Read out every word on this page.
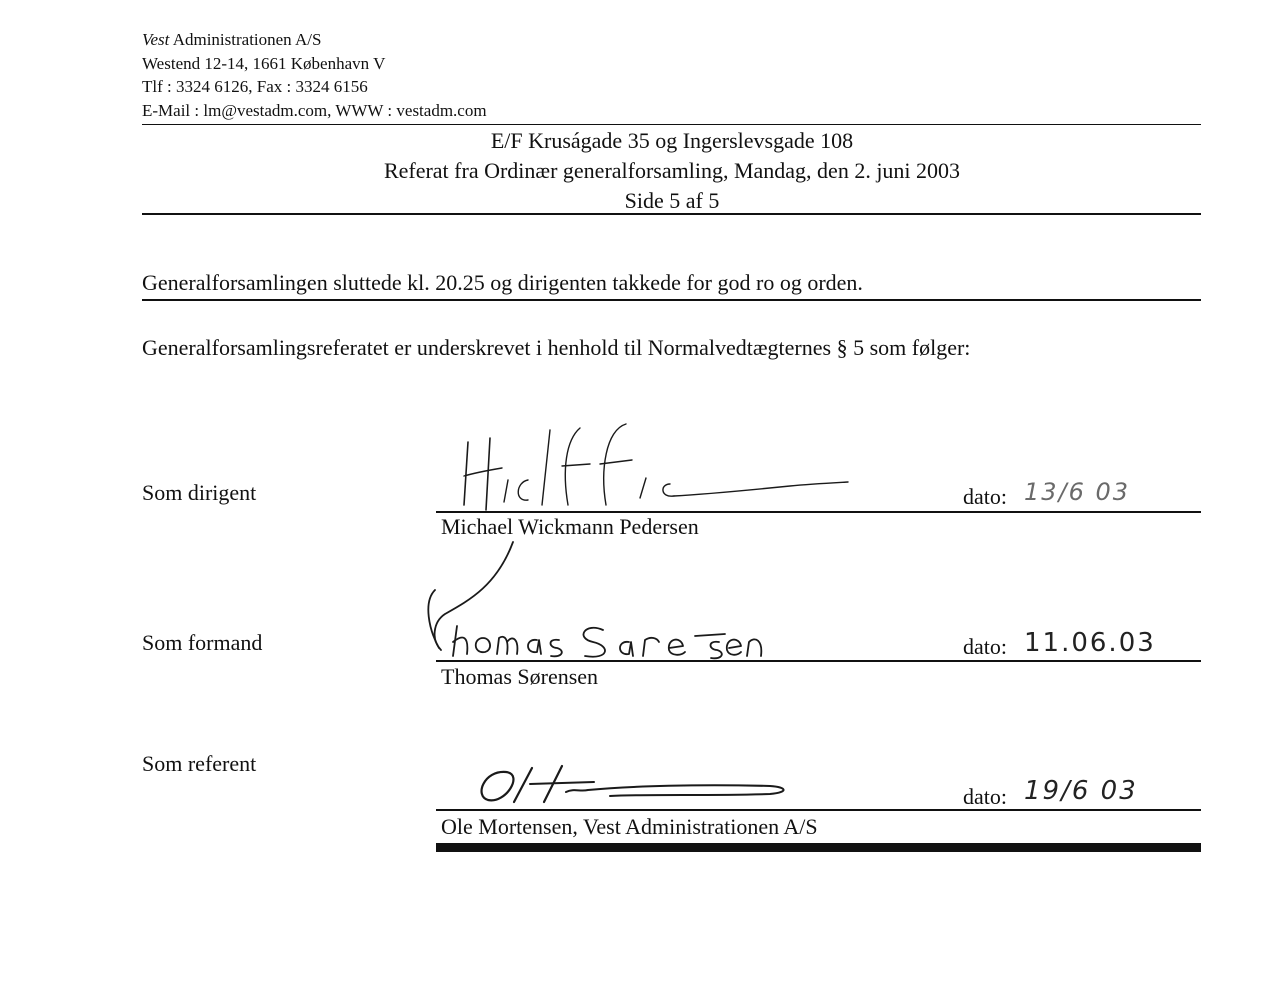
Vest Administrationen A/S
Westend 12-14, 1661 København V
Tlf : 3324 6126, Fax : 3324 6156
E-Mail : lm@vestadm.com, WWW : vestadm.com
E/F Kruságade 35 og Ingerslevsgade 108
Referat fra Ordinær generalforsamling, Mandag, den 2. juni 2003
Side 5 af 5
Generalforsamlingen sluttede kl. 20.25 og dirigenten takkede for god ro og orden.
Generalforsamlingsreferatet er underskrevet i henhold til Normalvedtægternes § 5 som følger:
Som dirigent
Michael Wickmann Pedersen
dato: 13/6 03
Som formand
Thomas Sørensen
dato: 11.06.03
Som referent
Ole Mortensen, Vest Administrationen A/S
dato: 19/6 03
